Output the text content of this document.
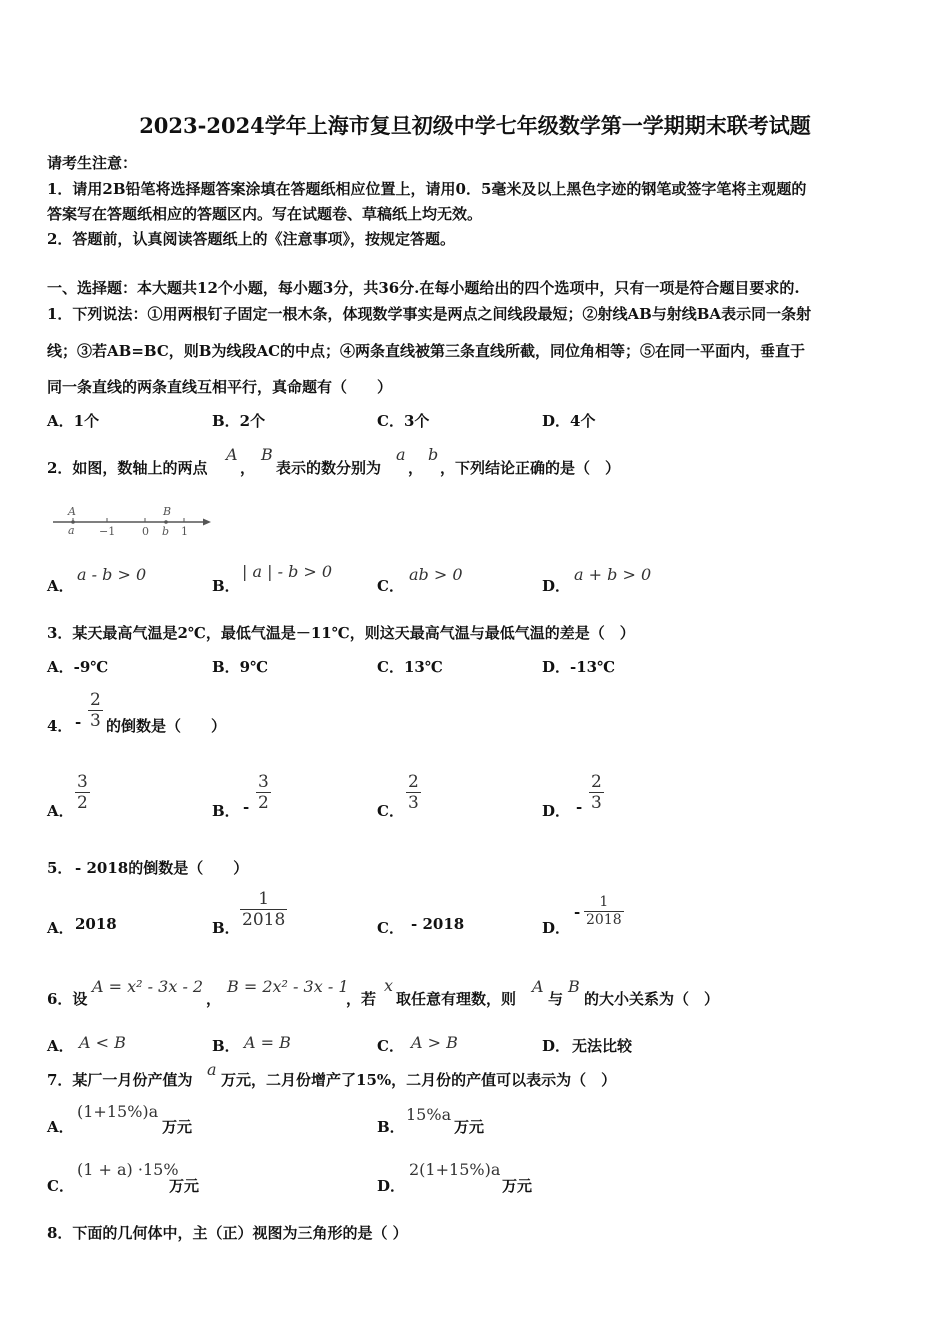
2023-2024学年上海市复旦初级中学七年级数学第一学期期末联考试题
请考生注意：
1．请用2B铅笔将选择题答案涂填在答题纸相应位置上，请用0．5毫米及以上黑色字迹的钢笔或签字笔将主观题的
答案写在答题纸相应的答题区内。写在试题卷、草稿纸上均无效。
2．答题前，认真阅读答题纸上的《注意事项》，按规定答题。
一、选择题：本大题共12个小题，每小题3分，共36分.在每小题给出的四个选项中，只有一项是符合题目要求的.
1．下列说法：①用两根钉子固定一根木条，体现数学事实是两点之间线段最短；②射线AB与射线BA表示同一条射
线；③若AB=BC，则B为线段AC的中点；④两条直线被第三条直线所截，同位角相等；⑤在同一平面内，垂直于
同一条直线的两条直线互相平行，真命题有（　　）
A．1个	B．2个	C．3个	D．4个
2．如图，数轴上的两点
A
，
B
表示的数分别为
a
，
b
，下列结论正确的是（　）
A
a −1 0
B
b 1
A．
a - b > 0
B．
| a | - b > 0
C．
ab > 0
D．
a + b > 0
3．某天最高气温是2℃，最低气温是－11℃，则这天最高气温与最低气温的差是（　）
A．-9℃	B．9℃	C．13℃	D．-13℃
4． -
2
3 的倒数是（　　）
A．
3
2	B． -
3
2	C．
2
3	D． -
2
3
5． - 2018的倒数是（　　）
A． 2018	B．
1
2018	C． - 2018	D．
-
1
2018
6．设
A = x² - 3x - 2
，
B = 2x² - 3x - 1
，若
x
取任意有理数，则
A
与
B
的大小关系为（　）
A． A < B	B． A = B	C． A > B	D． 无法比较
7．某厂一月份产值为
a
万元，二月份增产了15%，二月份的产值可以表示为（　）
A．
(1+15%)a
万元	B．
15%a
万元
C．
(1 + a) ·15%
万元	D．
2(1+15%)a
万元
8．下面的几何体中，主（正）视图为三角形的是（ ）
